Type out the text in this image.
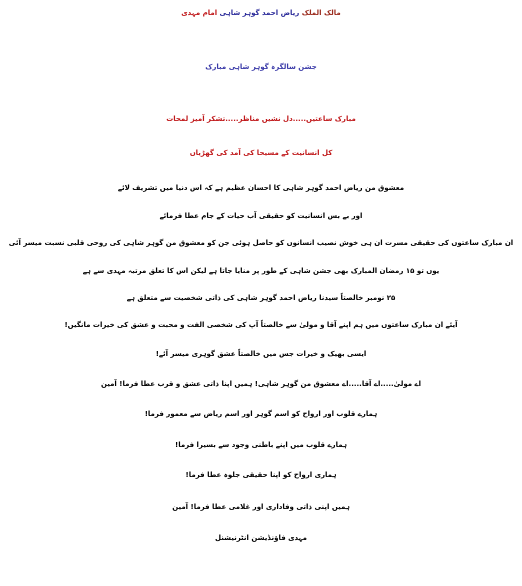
مالک الملک ریاض احمد گوہر شاہی امام مہدی
جشن سالگرہ گوہر شاہی مبارک
مبارک ساعتیں.....دل نشیں مناظر.....تشکر آمیز لمحات
کل انسانیت کے مسیحا کی آمد کی گھڑیاں
معشوق من ریاض احمد گوہر شاہی کا احسان عظیم ہے کہ اس دنیا میں تشریف لائے
اور بے بس انسانیت کو حقیقی آب حیات کے جام عطا فرمائے
ان مبارک ساعتوں کی حقیقی مسرت ان ہی خوش نصیب انسانوں کو حاصل ہوئی جن کو معشوق من گوہر شاہی کی روحی قلبی نسبت میسر آئی
یوں تو ۱۵ رمضان المبارک بھی جشن شاہی کے طور پر منایا جاتا ہے لیکن اس کا تعلق مرتبہ مہدی سے ہے
۲۵ نومبر خالصتاً سیدنا ریاض احمد گوہر شاہی کی ذاتی شخصیت سے متعلق ہے
آیئے ان مبارک ساعتوں میں ہم اپنے آقا و مولیٰ سے خالصتاً آپ کی شخصی الفت و محبت و عشق کی خیرات مانگیں!
ایسی بھیک و خیرات جس میں خالصتاً عشق گوہری میسر آئے!
اے مولیٰ.....اے آقا.....اے معشوق من گوہر شاہی! ہمیں اپنا ذاتی عشق و قرب عطا فرما! آمین
ہمارے قلوب اور ارواح کو اسم گوہر اور اسم ریاض سے معمور فرما!
ہمارے قلوب میں اپنے باطنی وجود سے بسیرا فرما!
ہماری ارواح کو اپنا حقیقی جلوہ عطا فرما!
ہمیں اپنی ذاتی وفاداری اور غلامی عطا فرما! آمین
مہدی فاؤنڈیشن انٹرنیشنل
